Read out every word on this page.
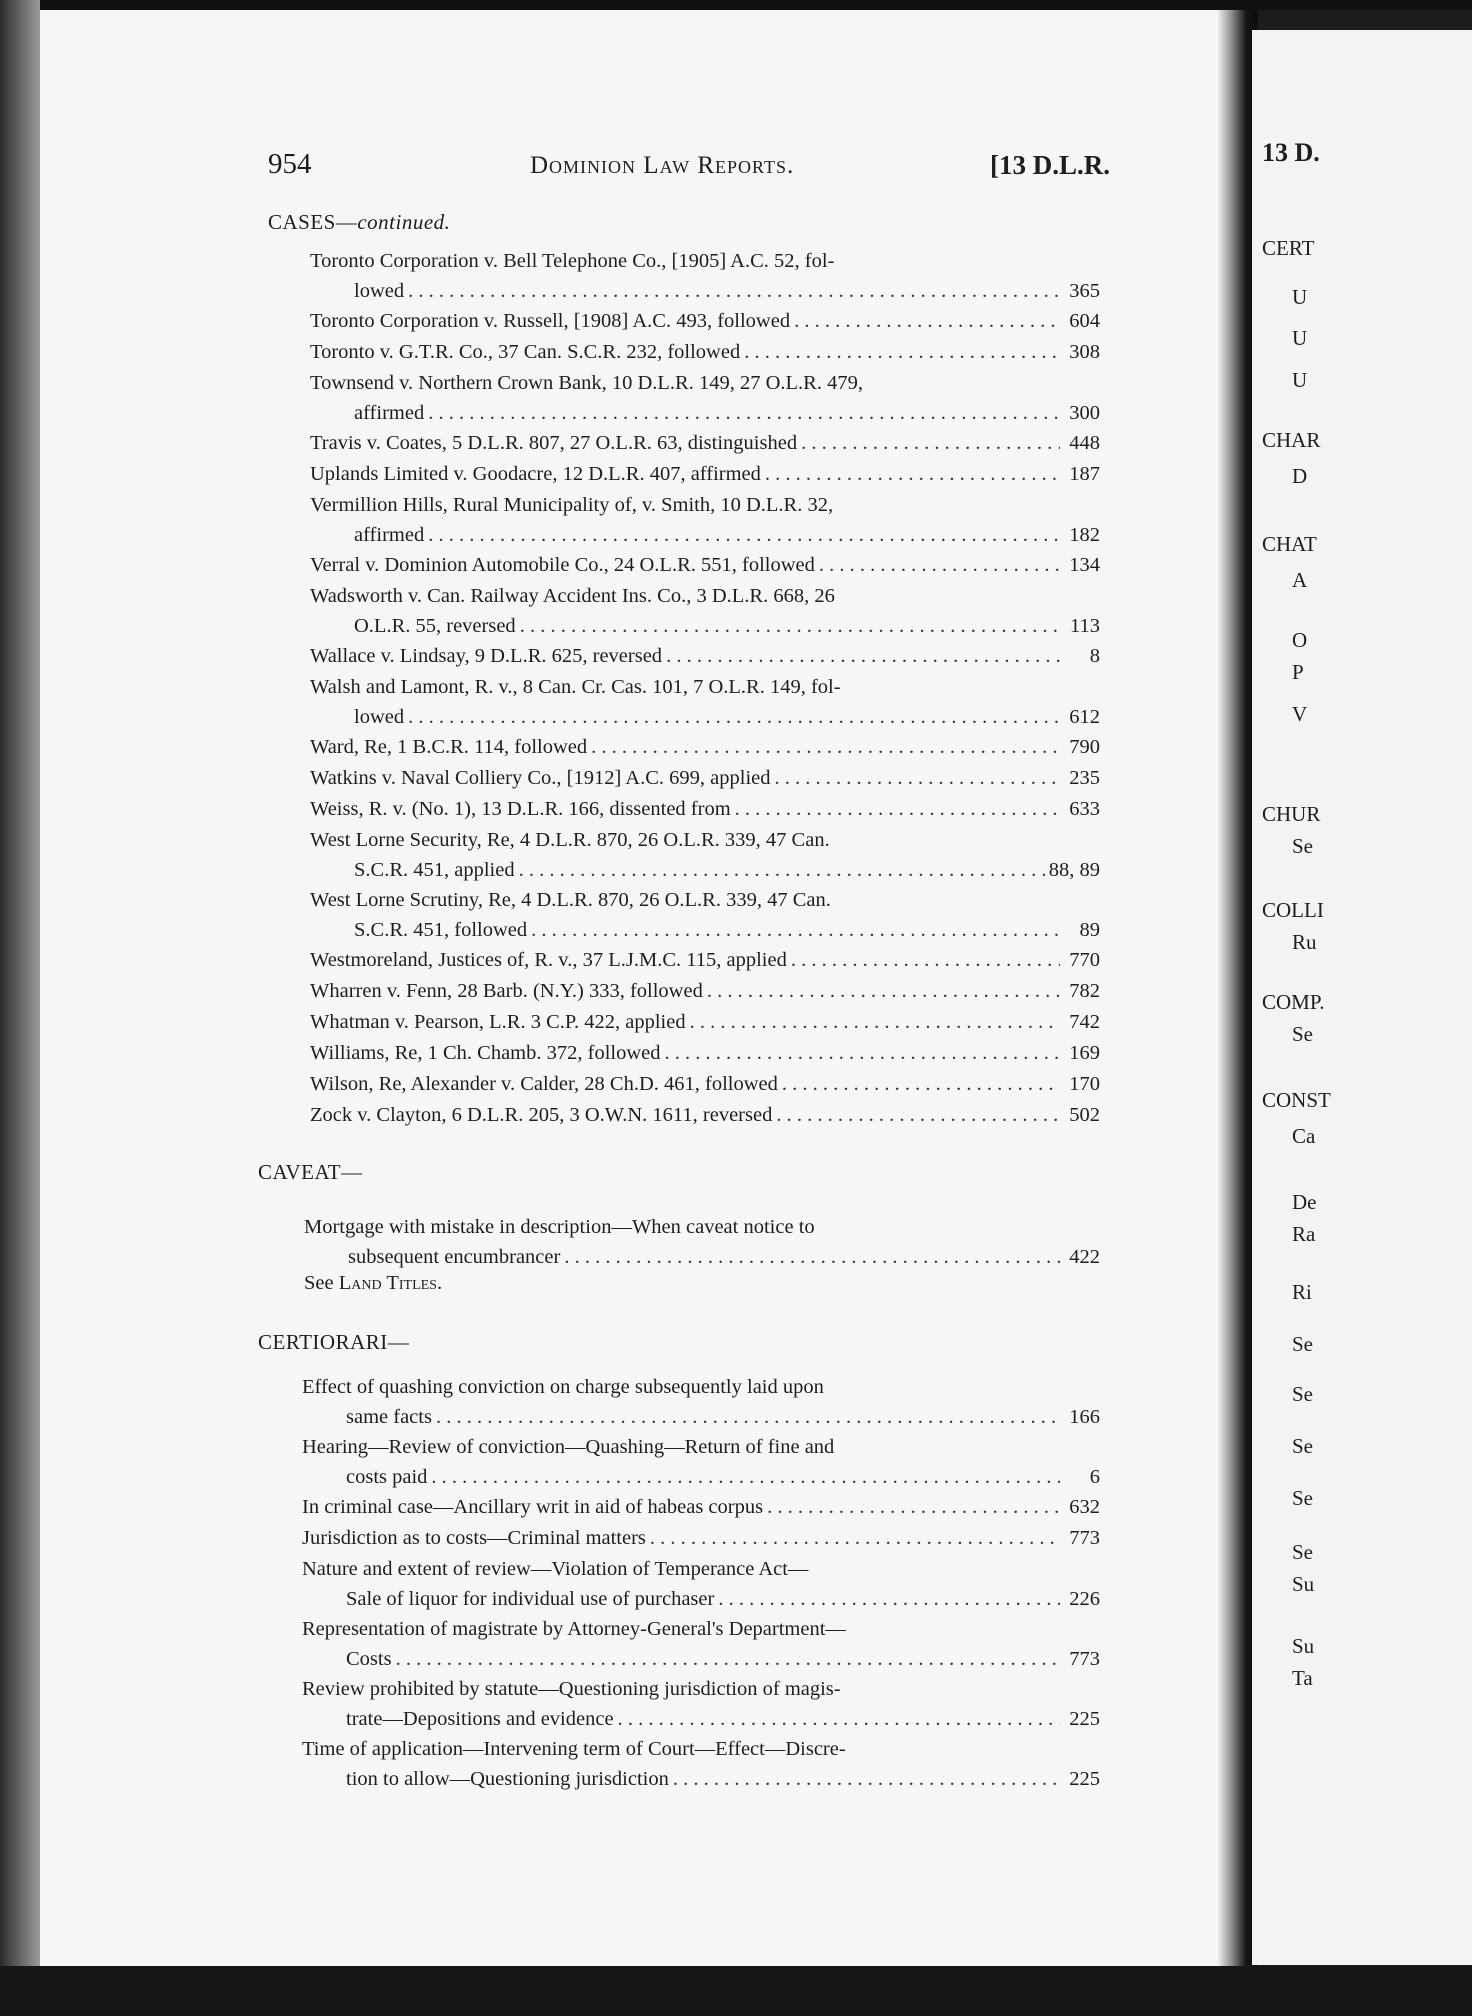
13 D.
CERT
U
U
U
CHAR
D
CHAT
A
O
P
V
CHUR
Se
COLLI
Ru
COMP.
Se
CONST
Ca
De
Ra
Ri
Se
Se
Se
Se
Se
Su
Su
Ta
954	Dominion Law Reports.	[13 D.L.R.
CASES—continued.
Toronto Corporation v. Bell Telephone Co., [1905] A.C. 52, fol-
lowed . . .	365
Toronto Corporation v. Russell, [1908] A.C. 493, followed . . .	604
Toronto v. G.T.R. Co., 37 Can. S.C.R. 232, followed . . .	308
Townsend v. Northern Crown Bank, 10 D.L.R. 149, 27 O.L.R. 479,
affirmed . . .	300
Travis v. Coates, 5 D.L.R. 807, 27 O.L.R. 63, distinguished . . .	448
Uplands Limited v. Goodacre, 12 D.L.R. 407, affirmed . . .	187
Vermillion Hills, Rural Municipality of, v. Smith, 10 D.L.R. 32,
affirmed . . .	182
Verral v. Dominion Automobile Co., 24 O.L.R. 551, followed . . .	134
Wadsworth v. Can. Railway Accident Ins. Co., 3 D.L.R. 668, 26
O.L.R. 55, reversed . . .	113
Wallace v. Lindsay, 9 D.L.R. 625, reversed . . .	8
Walsh and Lamont, R. v., 8 Can. Cr. Cas. 101, 7 O.L.R. 149, fol-
lowed . . .	612
Ward, Re, 1 B.C.R. 114, followed . . .	790
Watkins v. Naval Colliery Co., [1912] A.C. 699, applied . . .	235
Weiss, R. v. (No. 1), 13 D.L.R. 166, dissented from . . .	633
West Lorne Security, Re, 4 D.L.R. 870, 26 O.L.R. 339, 47 Can.
S.C.R. 451, applied . . .	88, 89
West Lorne Scrutiny, Re, 4 D.L.R. 870, 26 O.L.R. 339, 47 Can.
S.C.R. 451, followed . . .	89
Westmoreland, Justices of, R. v., 37 L.J.M.C. 115, applied . . .	770
Wharren v. Fenn, 28 Barb. (N.Y.) 333, followed . . .	782
Whatman v. Pearson, L.R. 3 C.P. 422, applied . . .	742
Williams, Re, 1 Ch. Chamb. 372, followed . . .	169
Wilson, Re, Alexander v. Calder, 28 Ch.D. 461, followed . . .	170
Zock v. Clayton, 6 D.L.R. 205, 3 O.W.N. 1611, reversed . . .	502
CAVEAT—
Mortgage with mistake in description—When caveat notice to
subsequent encumbrancer . . .	422
See Land Titles.
CERTIORARI—
Effect of quashing conviction on charge subsequently laid upon
same facts . . .	166
Hearing—Review of conviction—Quashing—Return of fine and
costs paid . . .	6
In criminal case—Ancillary writ in aid of habeas corpus . . .	632
Jurisdiction as to costs—Criminal matters . . .	773
Nature and extent of review—Violation of Temperance Act—
Sale of liquor for individual use of purchaser . . .	226
Representation of magistrate by Attorney-General's Department—
Costs . . .	773
Review prohibited by statute—Questioning jurisdiction of magis-
trate—Depositions and evidence . . .	225
Time of application—Intervening term of Court—Effect—Discre-
tion to allow—Questioning jurisdiction . . .	225
